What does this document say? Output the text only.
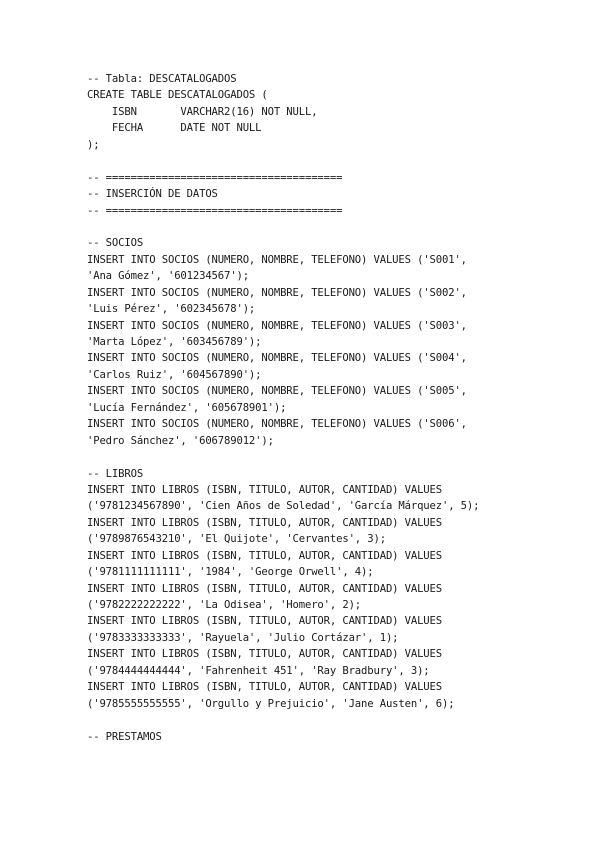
-- Tabla: DESCATALOGADOS
CREATE TABLE DESCATALOGADOS (
ISBN       VARCHAR2(16) NOT NULL,
FECHA      DATE NOT NULL
);
-- ======================================
-- INSERCIÓN DE DATOS
-- ======================================
-- SOCIOS
INSERT INTO SOCIOS (NUMERO, NOMBRE, TELEFONO) VALUES ('S001',
'Ana Gómez', '601234567');
INSERT INTO SOCIOS (NUMERO, NOMBRE, TELEFONO) VALUES ('S002',
'Luis Pérez', '602345678');
INSERT INTO SOCIOS (NUMERO, NOMBRE, TELEFONO) VALUES ('S003',
'Marta López', '603456789');
INSERT INTO SOCIOS (NUMERO, NOMBRE, TELEFONO) VALUES ('S004',
'Carlos Ruiz', '604567890');
INSERT INTO SOCIOS (NUMERO, NOMBRE, TELEFONO) VALUES ('S005',
'Lucía Fernández', '605678901');
INSERT INTO SOCIOS (NUMERO, NOMBRE, TELEFONO) VALUES ('S006',
'Pedro Sánchez', '606789012');
-- LIBROS
INSERT INTO LIBROS (ISBN, TITULO, AUTOR, CANTIDAD) VALUES
('9781234567890', 'Cien Años de Soledad', 'García Márquez', 5);
INSERT INTO LIBROS (ISBN, TITULO, AUTOR, CANTIDAD) VALUES
('9789876543210', 'El Quijote', 'Cervantes', 3);
INSERT INTO LIBROS (ISBN, TITULO, AUTOR, CANTIDAD) VALUES
('9781111111111', '1984', 'George Orwell', 4);
INSERT INTO LIBROS (ISBN, TITULO, AUTOR, CANTIDAD) VALUES
('9782222222222', 'La Odisea', 'Homero', 2);
INSERT INTO LIBROS (ISBN, TITULO, AUTOR, CANTIDAD) VALUES
('9783333333333', 'Rayuela', 'Julio Cortázar', 1);
INSERT INTO LIBROS (ISBN, TITULO, AUTOR, CANTIDAD) VALUES
('9784444444444', 'Fahrenheit 451', 'Ray Bradbury', 3);
INSERT INTO LIBROS (ISBN, TITULO, AUTOR, CANTIDAD) VALUES
('9785555555555', 'Orgullo y Prejuicio', 'Jane Austen', 6);
-- PRESTAMOS
